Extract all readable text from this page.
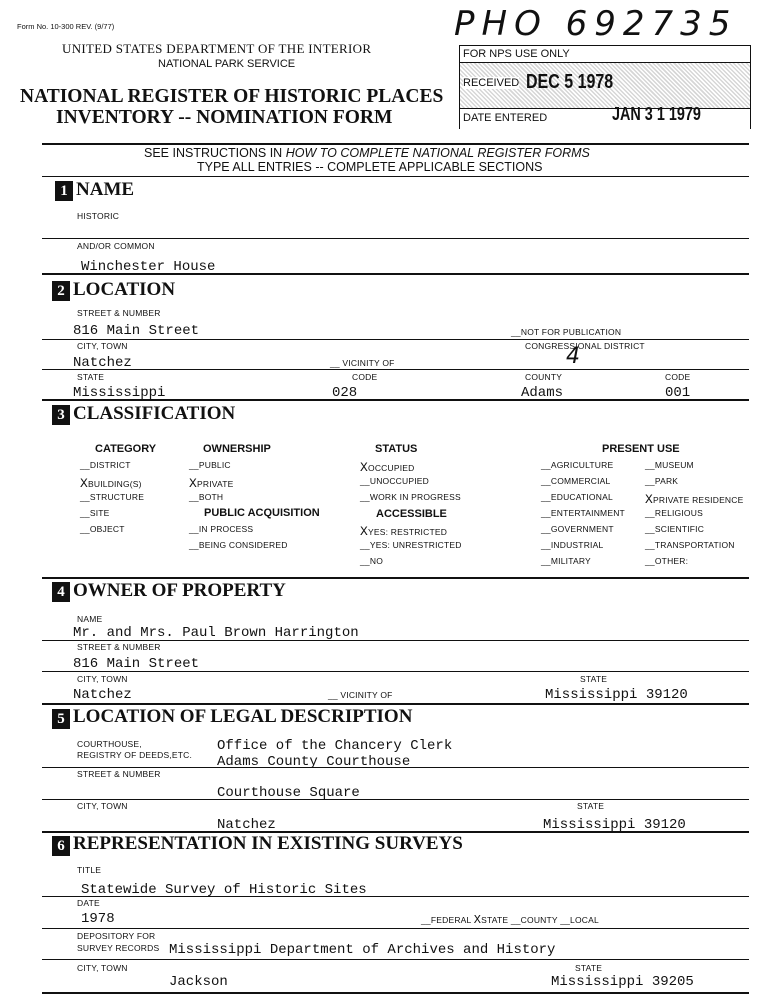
Form No. 10-300 REV. (9/77)
UNITED STATES DEPARTMENT OF THE INTERIOR
NATIONAL PARK SERVICE
NATIONAL REGISTER OF HISTORIC PLACES
INVENTORY -- NOMINATION FORM
PHO 692735
FOR NPS USE ONLY
RECEIVED DEC 5 1978
DATE ENTERED	JAN 3 1 1979
SEE INSTRUCTIONS IN HOW TO COMPLETE NATIONAL REGISTER FORMS
TYPE ALL ENTRIES -- COMPLETE APPLICABLE SECTIONS
1 NAME
HISTORIC
AND/OR COMMON
Winchester House
2 LOCATION
STREET & NUMBER
816 Main Street	__NOT FOR PUBLICATION
CITY, TOWN	CONGRESSIONAL DISTRICT
4
Natchez	__ VICINITY OF
STATE	CODE	COUNTY	CODE
Mississippi	028	Adams	001
3 CLASSIFICATION
CATEGORY	OWNERSHIP	STATUS	PRESENT USE
PUBLIC ACQUISITION	ACCESSIBLE
__DISTRICT
XBUILDING(S)
__STRUCTURE
__SITE
__OBJECT
__PUBLIC
XPRIVATE
__BOTH
__IN PROCESS
__BEING CONSIDERED
XOCCUPIED
__UNOCCUPIED
__WORK IN PROGRESS
XYES: RESTRICTED
__YES: UNRESTRICTED
__NO
__AGRICULTURE
__COMMERCIAL
__EDUCATIONAL
__ENTERTAINMENT
__GOVERNMENT
__INDUSTRIAL
__MILITARY
__MUSEUM
__PARK
XPRIVATE RESIDENCE
__RELIGIOUS
__SCIENTIFIC
__TRANSPORTATION
__OTHER:
4 OWNER OF PROPERTY
NAME
Mr. and Mrs. Paul Brown Harrington
STREET & NUMBER
816 Main Street
CITY, TOWN	STATE
Natchez	__ VICINITY OF	Mississippi 39120
5 LOCATION OF LEGAL DESCRIPTION
COURTHOUSE,
REGISTRY OF DEEDS,ETC.
Office of the Chancery Clerk
Adams County Courthouse
STREET & NUMBER
Courthouse Square
CITY, TOWN	STATE
Natchez	Mississippi 39120
6 REPRESENTATION IN EXISTING SURVEYS
TITLE
Statewide Survey of Historic Sites
DATE
1978	__FEDERAL XSTATE __COUNTY __LOCAL
DEPOSITORY FOR
SURVEY RECORDS Mississippi Department of Archives and History
CITY, TOWN	STATE
Jackson	Mississippi 39205
